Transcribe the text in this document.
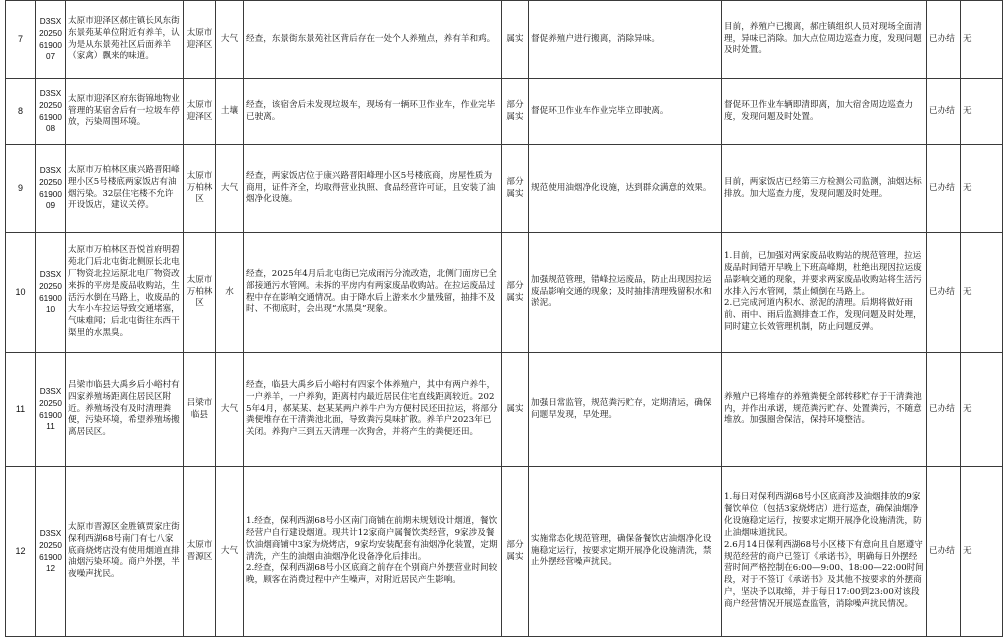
7	D3SX202506190007	太原市迎泽区郝庄镇长风东街东景苑某单位附近有养羊，认为是从东景苑社区后面养羊（家禽）飘来的味道。	太原市迎泽区	大气	经查，东景街东景苑社区背后存在一处个人养殖点，养有羊和鸡。	属实	督促养殖户进行搬离，消除异味。	目前，养殖户已搬离，郝庄镇组织人员对现场全面清理，异味已消除。加大点位周边巡查力度，发现问题及时处置。	已办结	无
8	D3SX202506190008	太原市迎泽区府东街锦地物业管理的某宿舍后有一垃圾车停放，污染周围环境。	太原市迎泽区	土壤	经查，该宿舍后未发现垃圾车，现场有一辆环卫作业车，作业完毕已驶离。	部分属实	督促环卫作业车作业完毕立即驶离。	督促环卫作业车辆即清即离，加大宿舍周边巡查力度，发现问题及时处置。	已办结	无
9	D3SX202506190009	太原市万柏林区康兴路晋阳峰理小区5号楼底两家饭店有油烟污染。32层住宅楼不允许开设饭店，建议关停。	太原市万柏林区	大气	经查，两家饭店位于康兴路晋阳峰理小区5号楼底商，房屋性质为商用，证件齐全，均取得营业执照、食品经营许可证，且安装了油烟净化设施。	部分属实	规范使用油烟净化设施，达到群众满意的效果。	目前，两家饭店已经第三方检测公司监测，油烟达标排放。加大巡查力度，发现问题及时处理。	已办结	无
10	D3SX202506190010	太原市万柏林区吾悦首府明碧苑北门后北屯街北侧原长北电厂物资北拉运原北电厂物资改来拆的平房是废品收购站，生活污水倒在马路上，收废品的大车小车拉运导致交通堵塞，气味难闻；后北屯街往东西干渠里的水黑臭。	太原市万柏林区	水	经查，2025年4月后北屯街已完成雨污分流改造，北侧门面房已全部接通污水管网。未拆的平房内有两家废品收购站。在拉运废品过程中存在影响交通情况。由于降水后上游来水少量残留，抽排不及时、不彻底时，会出现“水黑臭”现象。	部分属实	加强规范管理，错峰拉运废品，防止出现因拉运废品影响交通的现象；及时抽排清理残留积水和淤泥。	1.目前，已加强对两家废品收购站的规范管理，拉运废品时间错开早晚上下班高峰期，杜绝出现因拉运废品影响交通的现象，并要求两家废品收购站将生活污水排入污水管网，禁止倾倒在马路上。
2.已完成河道内积水、淤泥的清理。后期将做好雨前、雨中、雨后监测排查工作，发现问题及时处理，同时建立长效管理机制，防止问题反弹。	已办结	无
11	D3SX202506190011	吕梁市临县大禹乡后小峪村有四家养殖场距离住居民区附近。养殖场没有及时清理粪便，污染环境，希望养殖场搬离居民区。	吕梁市临县	大气	经查，临县大禹乡后小峪村有四家个体养殖户，其中有两户养牛，一户养羊，一户养狗，距离村内最近居民住宅直线距离较近。2025年4月，郝某某、赵某某两户养牛户为方便村民还田拉运，将部分粪便堆存在干清粪池北面，导致粪污臭味扩散。养羊户2023年已关闭。养狗户三到五天清理一次狗舍，并将产生的粪便还田。	属实	加强日常监管，规范粪污贮存，定期清运，确保问题早发现，早处理。	养殖户已将堆存的养殖粪便全部转移贮存于干清粪池内，并作出承诺，规范粪污贮存、处置粪污，不随意堆放。加强圈舍保洁，保持环境整洁。	已办结	无
12	D3SX202506190012	太原市晋源区金胜镇贾家庄街保利西湖68号南门有七八家底商烧烤店没有使用烟道直排油烟污染环境。商户外摆，半夜噪声扰民。	太原市晋源区	大气	1.经查，保利西湖68号小区南门商铺在前期未规划设计烟道，餐饮经营户自行建设烟道。现共计12家商户属餐饮类经营，9家涉及餐饮油烟商铺中3家为烧烤店，9家均安装配套有油烟净化装置，定期清洗，产生的油烟由油烟净化设备净化后排出。
2.经查，保利西湖68号小区底商之前存在个别商户外摆营业时间较晚，顾客在消费过程中产生噪声，对附近居民产生影响。	部分属实	实施常态化规范管理，确保备餐饮店油烟净化设施稳定运行，按要求定期开展净化设施清洗，禁止外摆经营噪声扰民。	1.每日对保利西湖68号小区底商涉及油烟排放的9家餐饮单位（包括3家烧烤店）进行巡查，确保油烟净化设施稳定运行，按要求定期开展净化设施清洗，防止油烟味道扰民。
2.6月14日保利西湖68号小区楼下有意向且自愿遵守规范经营的商户已签订《承诺书》，明确每日外摆经营时间严格控制在6:00—9:00、18:00—22:00时间段，对于不签订《承诺书》及其他不按要求的外摆商户，坚决予以取缔，并于每日17:00到23:00对该段商户经营情况开展巡查监管，消除噪声扰民情况。	已办结	无
